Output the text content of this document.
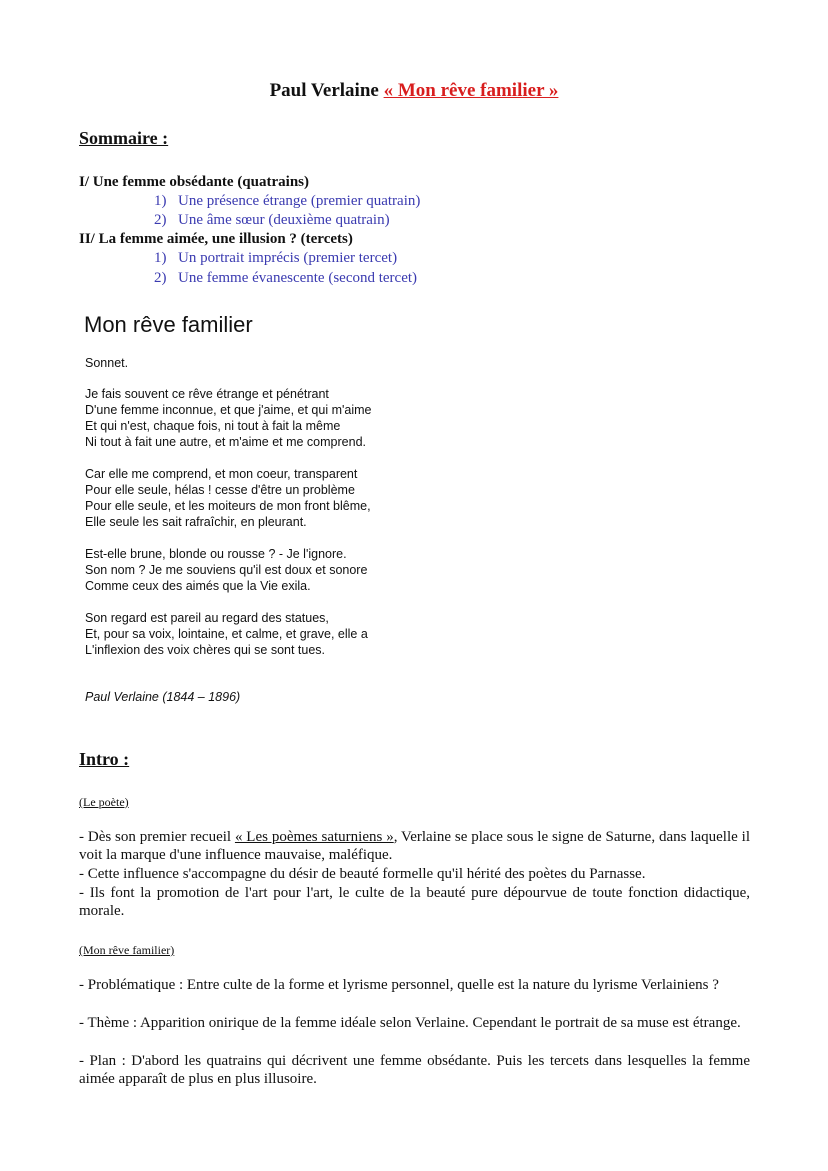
Paul Verlaine « Mon rêve familier »
Sommaire :
I/ Une femme obsédante (quatrains)
1) Une présence étrange (premier quatrain)
2) Une âme sœur (deuxième quatrain)
II/ La femme aimée, une illusion ? (tercets)
1) Un portrait imprécis (premier tercet)
2) Une femme évanescente (second tercet)
Mon rêve familier
Sonnet.
Je fais souvent ce rêve étrange et pénétrant
D'une femme inconnue, et que j'aime, et qui m'aime
Et qui n'est, chaque fois, ni tout à fait la même
Ni tout à fait une autre, et m'aime et me comprend.
Car elle me comprend, et mon coeur, transparent
Pour elle seule, hélas ! cesse d'être un problème
Pour elle seule, et les moiteurs de mon front blême,
Elle seule les sait rafraîchir, en pleurant.
Est-elle brune, blonde ou rousse ? - Je l'ignore.
Son nom ? Je me souviens qu'il est doux et sonore
Comme ceux des aimés que la Vie exila.
Son regard est pareil au regard des statues,
Et, pour sa voix, lointaine, et calme, et grave, elle a
L'inflexion des voix chères qui se sont tues.
Paul Verlaine (1844 – 1896)
Intro :
(Le poète)
- Dès son premier recueil « Les poèmes saturniens », Verlaine se place sous le signe de Saturne, dans laquelle il voit la marque d'une influence mauvaise, maléfique.
- Cette influence s'accompagne du désir de beauté formelle qu'il hérité des poètes du Parnasse.
- Ils font la promotion de l'art pour l'art, le culte de la beauté pure dépourvue de toute fonction didactique, morale.
(Mon rêve familier)
- Problématique : Entre culte de la forme et lyrisme personnel, quelle est la nature du lyrisme Verlainiens ?
- Thème : Apparition onirique de la femme idéale selon Verlaine. Cependant le portrait de sa muse est étrange.
- Plan : D'abord les quatrains qui décrivent une femme obsédante. Puis les tercets dans lesquelles la femme aimée apparaît de plus en plus illusoire.
